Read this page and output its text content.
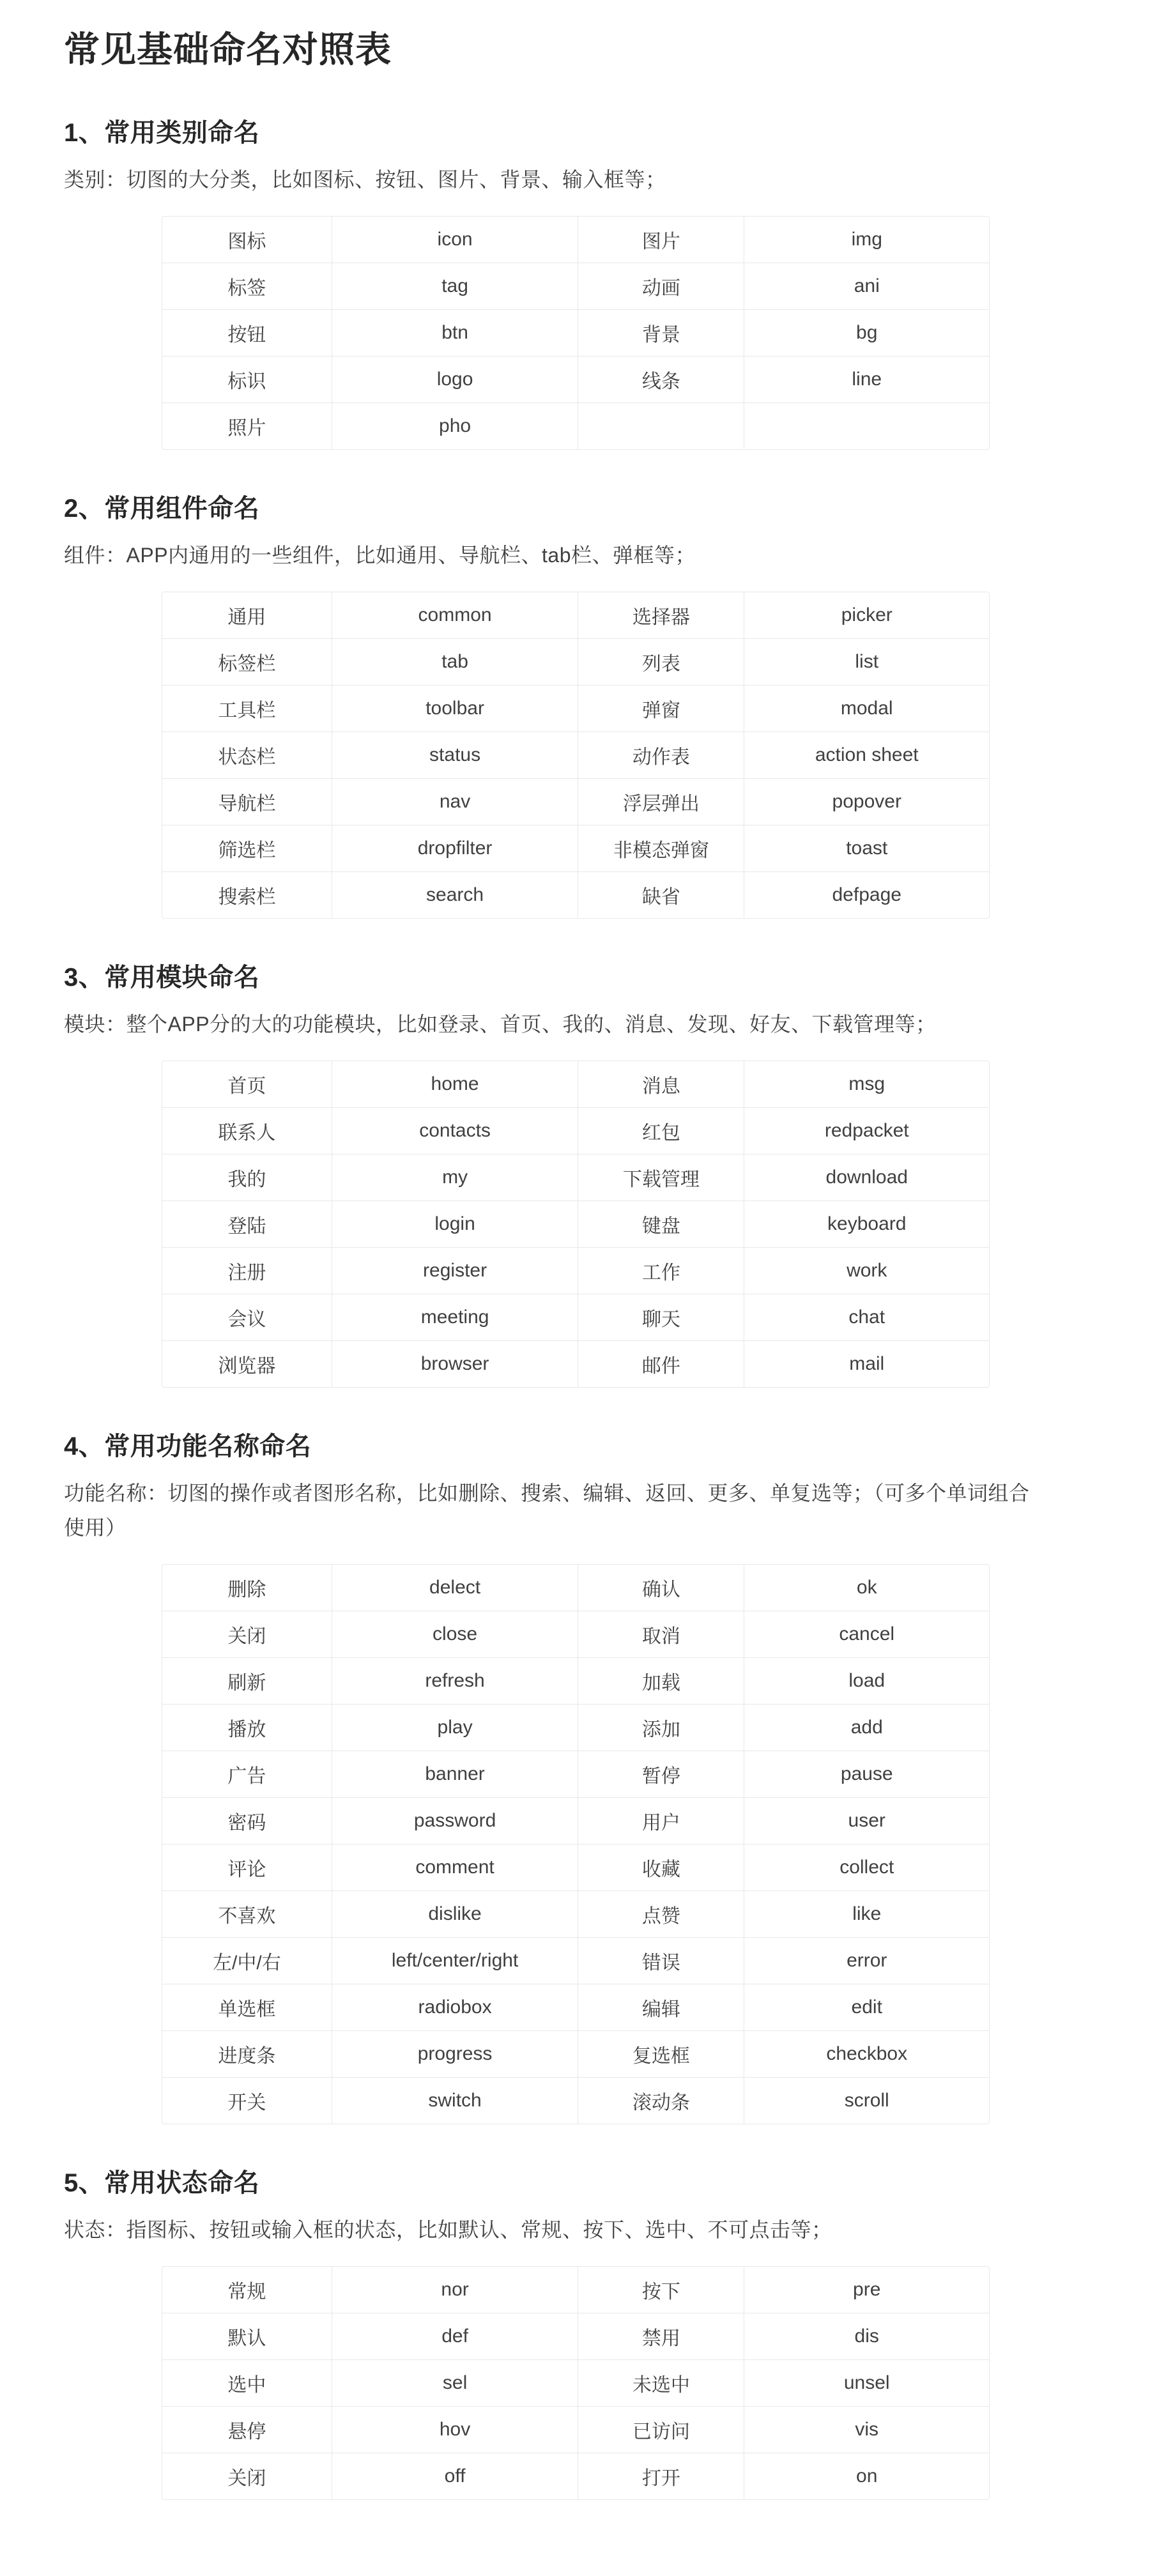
常见基础命名对照表
1、常用类别命名

类别：切图的大分类，比如图标、按钮、图片、背景、输入框等；

图标	icon	图片	img
标签	tag	动画	ani
按钮	btn	背景	bg
标识	logo	线条	line
照片	pho		
2、常用组件命名

组件：APP内通用的一些组件，比如通用、导航栏、tab栏、弹框等；

通用	common	选择器	picker
标签栏	tab	列表	list
工具栏	toolbar	弹窗	modal
状态栏	status	动作表	action sheet
导航栏	nav	浮层弹出	popover
筛选栏	dropfilter	非模态弹窗	toast
搜索栏	search	缺省	defpage
3、常用模块命名

模块：整个APP分的大的功能模块，比如登录、首页、我的、消息、发现、好友、下载管理等；

首页	home	消息	msg
联系人	contacts	红包	redpacket
我的	my	下载管理	download
登陆	login	键盘	keyboard
注册	register	工作	work
会议	meeting	聊天	chat
浏览器	browser	邮件	mail
4、常用功能名称命名

功能名称：切图的操作或者图形名称，比如删除、搜索、编辑、返回、更多、单复选等；（可多个单词组合使用）

删除	delect	确认	ok
关闭	close	取消	cancel
刷新	refresh	加载	load
播放	play	添加	add
广告	banner	暂停	pause
密码	password	用户	user
评论	comment	收藏	collect
不喜欢	dislike	点赞	like
左/中/右	left/center/right	错误	error
单选框	radiobox	编辑	edit
进度条	progress	复选框	checkbox
开关	switch	滚动条	scroll
5、常用状态命名

状态：指图标、按钮或输入框的状态，比如默认、常规、按下、选中、不可点击等；

常规	nor	按下	pre
默认	def	禁用	dis
选中	sel	未选中	unsel
悬停	hov	已访问	vis
关闭	off	打开	on
